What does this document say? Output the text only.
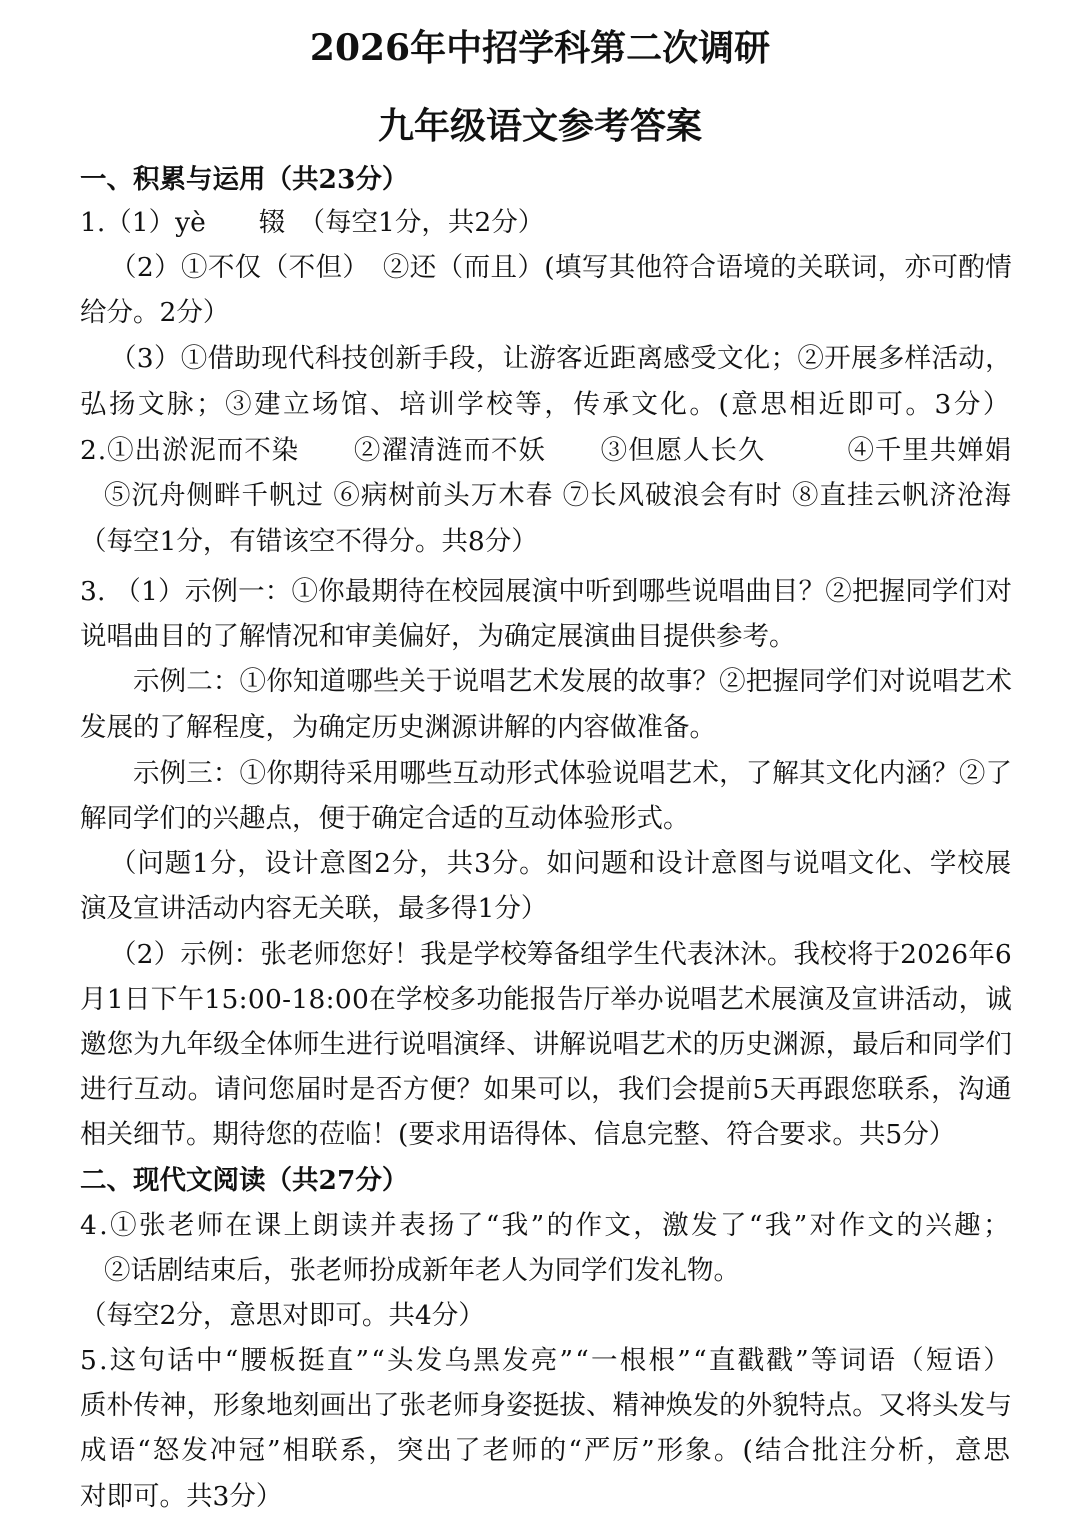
2026年中招学科第二次调研
九年级语文参考答案

一、积累与运用（共23分）

1.（1）yè　　辍　（每空1分，共2分）

（2）①不仅（不但）　②还（而且）(填写其他符合语境的关联词，亦可酌情

给分。2分）

（3）①借助现代科技创新手段，让游客近距离感受文化；②开展多样活动，

弘扬文脉；③建立场馆、培训学校等，传承文化。(意思相近即可。3分）

2.①出淤泥而不染　　②濯清涟而不妖　　③但愿人长久　　　④千里共婵娟

⑤沉舟侧畔千帆过 ⑥病树前头万木春 ⑦长风破浪会有时 ⑧直挂云帆济沧海

（每空1分，有错该空不得分。共8分）

3. （1）示例一：①你最期待在校园展演中听到哪些说唱曲目？②把握同学们对

说唱曲目的了解情况和审美偏好，为确定展演曲目提供参考。

示例二：①你知道哪些关于说唱艺术发展的故事？②把握同学们对说唱艺术

发展的了解程度，为确定历史渊源讲解的内容做准备。

示例三：①你期待采用哪些互动形式体验说唱艺术，了解其文化内涵？②了

解同学们的兴趣点，便于确定合适的互动体验形式。

（问题1分，设计意图2分，共3分。如问题和设计意图与说唱文化、学校展

演及宣讲活动内容无关联，最多得1分）

（2）示例：张老师您好！我是学校筹备组学生代表沐沐。我校将于2026年6

月1日下午15:00-18:00在学校多功能报告厅举办说唱艺术展演及宣讲活动，诚

邀您为九年级全体师生进行说唱演绎、讲解说唱艺术的历史渊源，最后和同学们

进行互动。请问您届时是否方便？如果可以，我们会提前5天再跟您联系，沟通

相关细节。期待您的莅临！(要求用语得体、信息完整、符合要求。共5分）

二、现代文阅读（共27分）

4.①张老师在课上朗读并表扬了“我”的作文，激发了“我”对作文的兴趣；

②话剧结束后，张老师扮成新年老人为同学们发礼物。

（每空2分，意思对即可。共4分）

5.这句话中“腰板挺直”“头发乌黑发亮”“一根根”“直戳戳”等词语（短语）

质朴传神，形象地刻画出了张老师身姿挺拔、精神焕发的外貌特点。又将头发与

成语“怒发冲冠”相联系，突出了老师的“严厉”形象。(结合批注分析，意思

对即可。共3分）
